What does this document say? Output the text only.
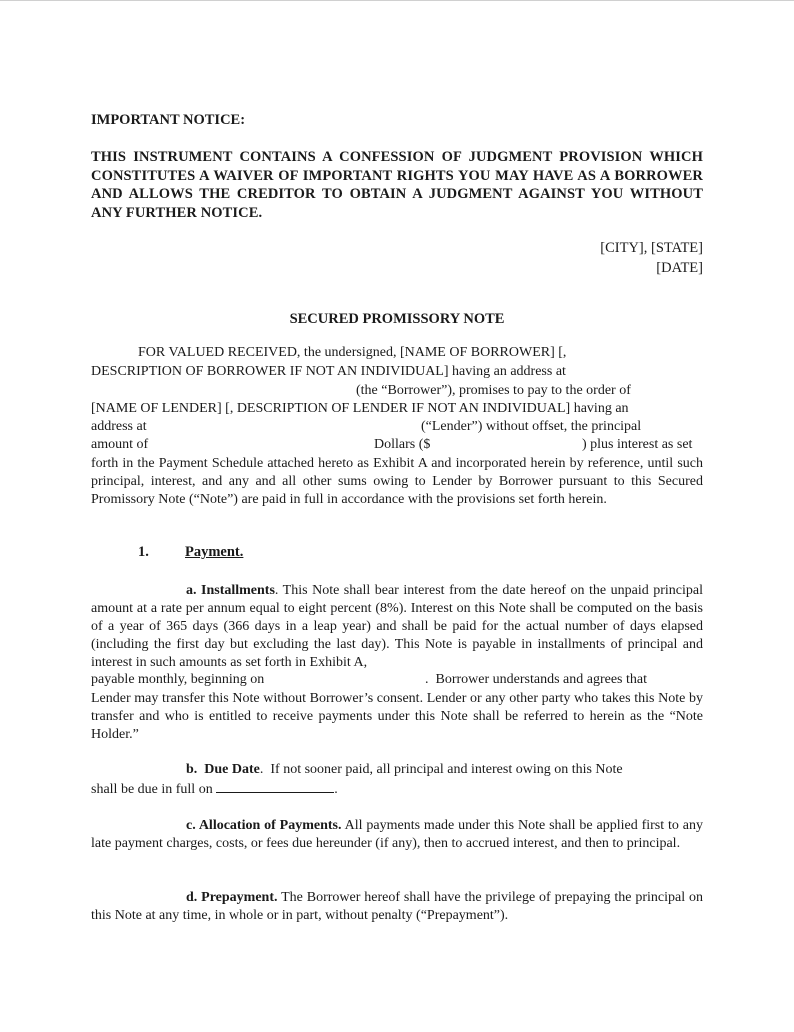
IMPORTANT NOTICE:
THIS INSTRUMENT CONTAINS A CONFESSION OF JUDGMENT PROVISION WHICH CONSTITUTES A WAIVER OF IMPORTANT RIGHTS YOU MAY HAVE AS A BORROWER AND ALLOWS THE CREDITOR TO OBTAIN A JUDGMENT AGAINST YOU WITHOUT ANY FURTHER NOTICE.
[CITY], [STATE]
[DATE]
SECURED PROMISSORY NOTE
FOR VALUED RECEIVED, the undersigned, [NAME OF BORROWER] [,
DESCRIPTION OF BORROWER IF NOT AN INDIVIDUAL] having an address at
(the “Borrower”), promises to pay to the order of
[NAME OF LENDER] [, DESCRIPTION OF LENDER IF NOT AN INDIVIDUAL] having an
address at	(“Lender”) without offset, the principal
amount of	Dollars ($	) plus interest as set
forth in the Payment Schedule attached hereto as Exhibit A and incorporated herein by reference, until such principal, interest, and any and all other sums owing to Lender by Borrower pursuant to this Secured Promissory Note (“Note”) are paid in full in accordance with the provisions set forth herein.
1. Payment.
a. Installments. This Note shall bear interest from the date hereof on the unpaid principal amount at a rate per annum equal to eight percent (8%). Interest on this Note shall be computed on the basis of a year of 365 days (366 days in a leap year) and shall be paid for the actual number of days elapsed (including the first day but excluding the last day). This Note is payable in installments of principal and interest in such amounts as set forth in Exhibit A,
payable monthly, beginning on	.  Borrower understands and agrees that
Lender may transfer this Note without Borrower’s consent. Lender or any other party who takes this Note by transfer and who is entitled to receive payments under this Note shall be referred to herein as the “Note Holder.”
b.  Due Date.  If not sooner paid, all principal and interest owing on this Note
shall be due in full on	.
c. Allocation of Payments. All payments made under this Note shall be applied first to any late payment charges, costs, or fees due hereunder (if any), then to accrued interest, and then to principal.
d. Prepayment. The Borrower hereof shall have the privilege of prepaying the principal on this Note at any time, in whole or in part, without penalty (“Prepayment”).
